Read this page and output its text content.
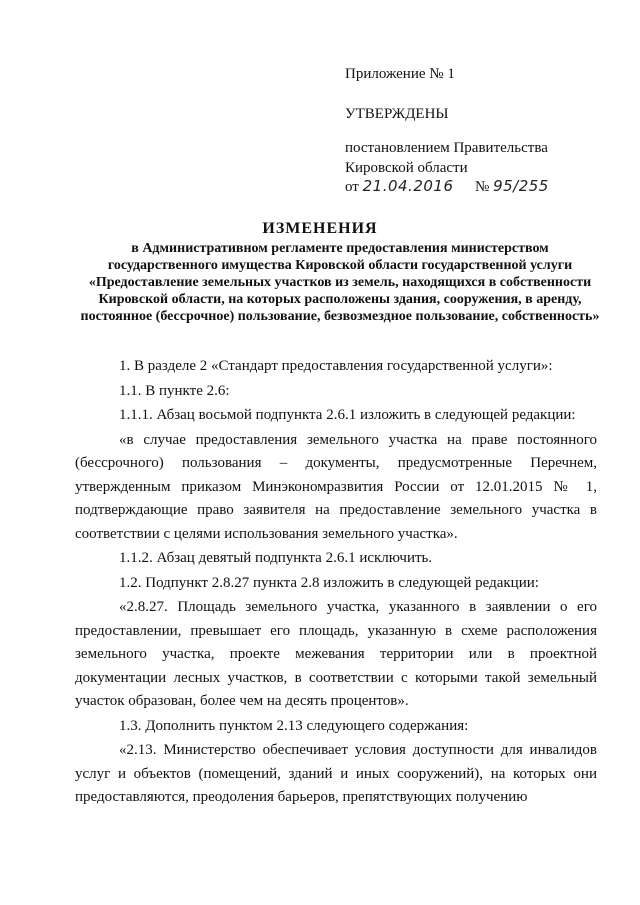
Приложение № 1
УТВЕРЖДЕНЫ
постановлением Правительства
Кировской области
от 21.04.2016 № 95/255
ИЗМЕНЕНИЯ
в Административном регламенте предоставления министерством государственного имущества Кировской области государственной услуги «Предоставление земельных участков из земель, находящихся в собственности Кировской области, на которых расположены здания, сооружения, в аренду, постоянное (бессрочное) пользование, безвозмездное пользование, собственность»

1. В разделе 2 «Стандарт предоставления государственной услуги»:

1.1. В пункте 2.6:

1.1.1. Абзац восьмой подпункта 2.6.1 изложить в следующей редакции:

«в случае предоставления земельного участка на праве постоянного (бессрочного) пользования – документы, предусмотренные Перечнем, утвержденным приказом Минэкономразвития России от 12.01.2015 № 1, подтверждающие право заявителя на предоставление земельного участка в соответствии с целями использования земельного участка».

1.1.2. Абзац девятый подпункта 2.6.1 исключить.

1.2. Подпункт 2.8.27 пункта 2.8 изложить в следующей редакции:

«2.8.27. Площадь земельного участка, указанного в заявлении о его предоставлении, превышает его площадь, указанную в схеме расположения земельного участка, проекте межевания территории или в проектной документации лесных участков, в соответствии с которыми такой земельный участок образован, более чем на десять процентов».

1.3. Дополнить пунктом 2.13 следующего содержания:

«2.13. Министерство обеспечивает условия доступности для инвалидов услуг и объектов (помещений, зданий и иных сооружений), на которых они предоставляются, преодоления барьеров, препятствующих получению
